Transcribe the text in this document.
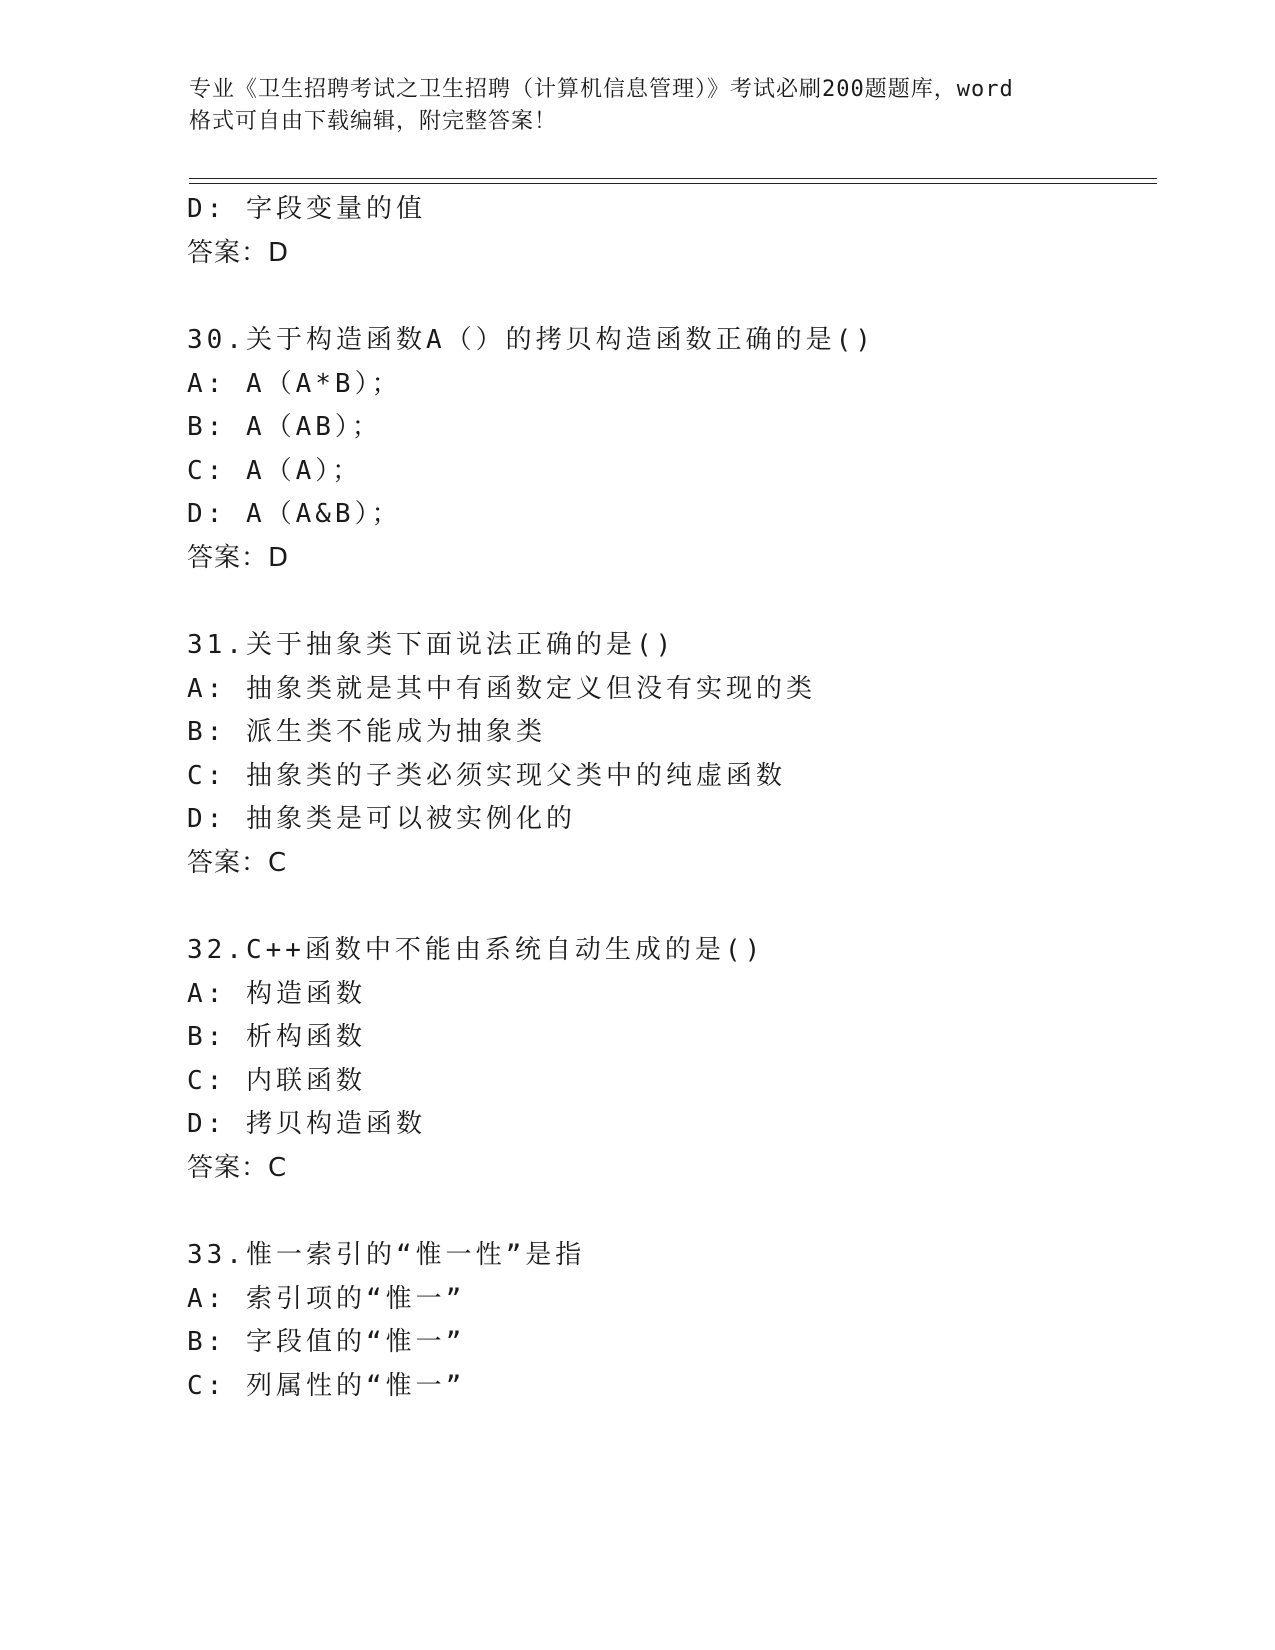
专业《卫生招聘考试之卫生招聘（计算机信息管理）》考试必刷200题题库，word
格式可自由下载编辑，附完整答案！
D: 字段变量的值
答案：D
30.关于构造函数A（）的拷贝构造函数正确的是()
A: A（A*B）；
B: A（AB）；
C: A（A）；
D: A（A&B）；
答案：D
31.关于抽象类下面说法正确的是()
A: 抽象类就是其中有函数定义但没有实现的类
B: 派生类不能成为抽象类
C: 抽象类的子类必须实现父类中的纯虚函数
D: 抽象类是可以被实例化的
答案：C
32.C++函数中不能由系统自动生成的是()
A: 构造函数
B: 析构函数
C: 内联函数
D: 拷贝构造函数
答案：C
33.惟一索引的“惟一性”是指
A: 索引项的“惟一”
B: 字段值的“惟一”
C: 列属性的“惟一”
